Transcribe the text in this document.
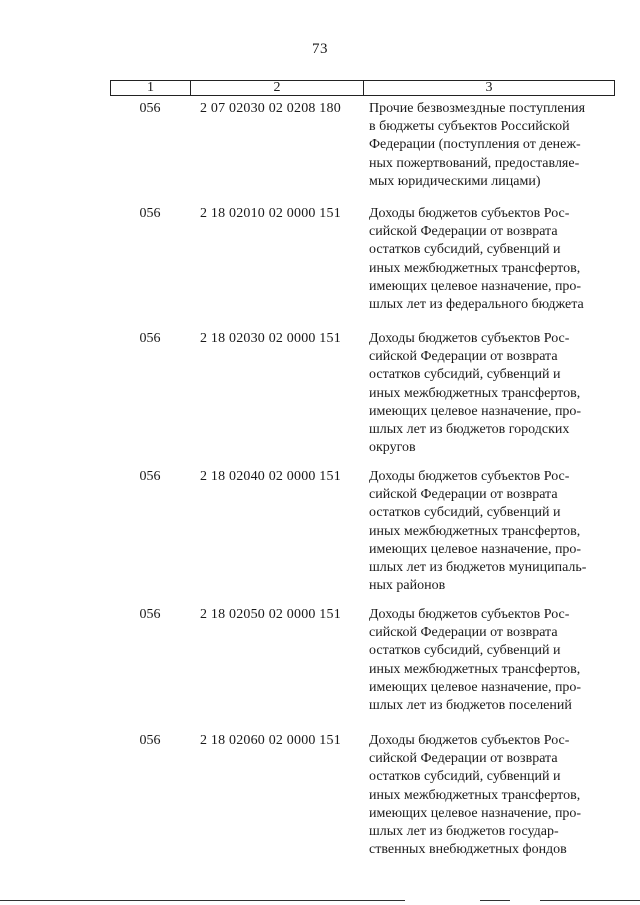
73
1	2	3
056	2 07 02030 02 0208 180	Прочие безвозмездные поступления
в бюджеты субъектов Российской
Федерации (поступления от денеж-
ных пожертвований, предоставляе-
мых юридическими лицами)
056	2 18 02010 02 0000 151	Доходы бюджетов субъектов Рос-
сийской Федерации от возврата
остатков субсидий, субвенций и
иных межбюджетных трансфертов,
имеющих целевое назначение, про-
шлых лет из федерального бюджета
056	2 18 02030 02 0000 151	Доходы бюджетов субъектов Рос-
сийской Федерации от возврата
остатков субсидий, субвенций и
иных межбюджетных трансфертов,
имеющих целевое назначение, про-
шлых лет из бюджетов городских
округов
056	2 18 02040 02 0000 151	Доходы бюджетов субъектов Рос-
сийской Федерации от возврата
остатков субсидий, субвенций и
иных межбюджетных трансфертов,
имеющих целевое назначение, про-
шлых лет из бюджетов муниципаль-
ных районов
056	2 18 02050 02 0000 151	Доходы бюджетов субъектов Рос-
сийской Федерации от возврата
остатков субсидий, субвенций и
иных межбюджетных трансфертов,
имеющих целевое назначение, про-
шлых лет из бюджетов поселений
056	2 18 02060 02 0000 151	Доходы бюджетов субъектов Рос-
сийской Федерации от возврата
остатков субсидий, субвенций и
иных межбюджетных трансфертов,
имеющих целевое назначение, про-
шлых лет из бюджетов государ-
ственных внебюджетных фондов
